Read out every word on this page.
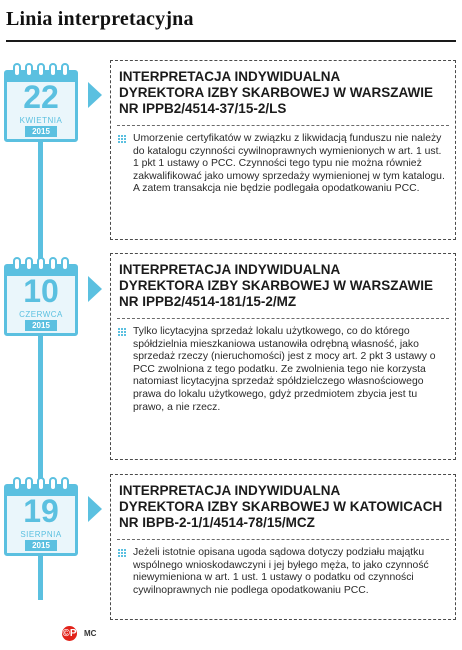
Linia interpretacyjna
22
KWIETNIA
2015
INTERPRETACJA INDYWIDUALNA
DYREKTORA IZBY SKARBOWEJ W WARSZAWIE
NR IPPB2/4514-37/15-2/LS
Umorzenie certyfikatów w związku z likwidacją funduszu nie należy do katalogu czynności cywilnoprawnych wymienionych w art. 1 ust. 1 pkt 1 ustawy o PCC. Czynności tego typu nie można również zakwalifikować jako umowy sprzedaży wymienionej w tym katalogu. A zatem transakcja nie będzie podlegała opodatkowaniu PCC.
10
CZERWCA
2015
INTERPRETACJA INDYWIDUALNA
DYREKTORA IZBY SKARBOWEJ W WARSZAWIE
NR IPPB2/4514-181/15-2/MZ
Tylko licytacyjna sprzedaż lokalu użytkowego, co do którego spółdzielnia mieszkaniowa ustanowiła odrębną własność, jako sprzedaż rzeczy (nieruchomości) jest z mocy art. 2 pkt 3 ustawy o PCC zwolniona z tego podatku. Ze zwolnienia tego nie korzysta natomiast licytacyjna sprzedaż spółdzielczego własnościowego prawa do lokalu użytkowego, gdyż przedmiotem zbycia jest tu prawo, a nie rzecz.
19
SIERPNIA
2015
INTERPRETACJA INDYWIDUALNA
DYREKTORA IZBY SKARBOWEJ W KATOWICACH
NR IBPB-2-1/1/4514-78/15/MCZ
Jeżeli istotnie opisana ugoda sądowa dotyczy podziału majątku wspólnego wnioskodawczyni i jej byłego męża, to jako czynność niewymieniona w art. 1 ust. 1 ustawy o podatku od czynności cywilnoprawnych nie podlega opodatkowaniu PCC.
©P MC
